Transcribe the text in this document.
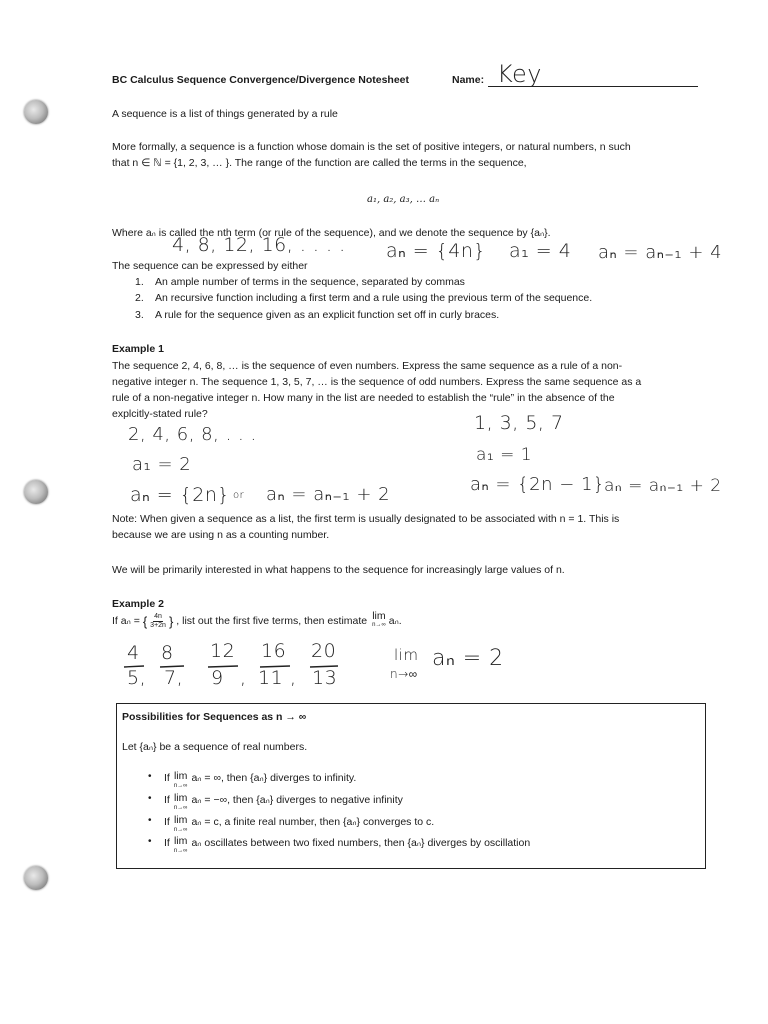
BC Calculus Sequence Convergence/Divergence Notesheet	Name: Key
A sequence is a list of things generated by a rule
More formally, a sequence is a function whose domain is the set of positive integers, or natural numbers, n such
that n ∈ ℕ = {1, 2, 3, … }. The range of the function are called the terms in the sequence,
a₁, a₂, a₃, … aₙ
Where aₙ is called the nth term (or rule of the sequence), and we denote the sequence by {aₙ}.
4, 8, 12, 16, . . . . aₙ = {4n} a₁ = 4 aₙ = aₙ₋₁ + 4
The sequence can be expressed by either
1. An ample number of terms in the sequence, separated by commas
2. An recursive function including a first term and a rule using the previous term of the sequence.
3. A rule for the sequence given as an explicit function set off in curly braces.
Example 1
The sequence 2, 4, 6, 8, … is the sequence of even numbers. Express the same sequence as a rule of a non-
negative integer n. The sequence 1, 3, 5, 7, … is the sequence of odd numbers. Express the same sequence as a
rule of a non-negative integer n. How many in the list are needed to establish the “rule” in the absence of the
explcitly-stated rule?
2, 4, 6, 8, . . .
a₁ = 2
aₙ = {2n} or aₙ = aₙ₋₁ + 2
1, 3, 5, 7
a₁ = 1
aₙ = {2n − 1} aₙ = aₙ₋₁ + 2
Note: When given a sequence as a list, the first term is usually designated to be associated with n = 1. This is
because we are using n as a counting number.
We will be primarily interested in what happens to the sequence for increasingly large values of n.
Example 2
If aₙ = { $\frac{4n}{3+2n}$ } , list out the first five terms, then estimate lim
n→∞ aₙ.
4 8 12 16 20
5, 7, 9 , 11 , 13
lim
n→∞
aₙ = 2
Possibilities for Sequences as n → ∞
Let {aₙ} be a sequence of real numbers.
• If lim
n→∞
aₙ = ∞, then {aₙ} diverges to infinity.
• If lim
n→∞
aₙ = −∞, then {aₙ} diverges to negative infinity
• If lim
n→∞
aₙ = c, a finite real number, then {aₙ} converges to c.
• If lim
n→∞
aₙ oscillates between two fixed numbers, then {aₙ} diverges by oscillation
